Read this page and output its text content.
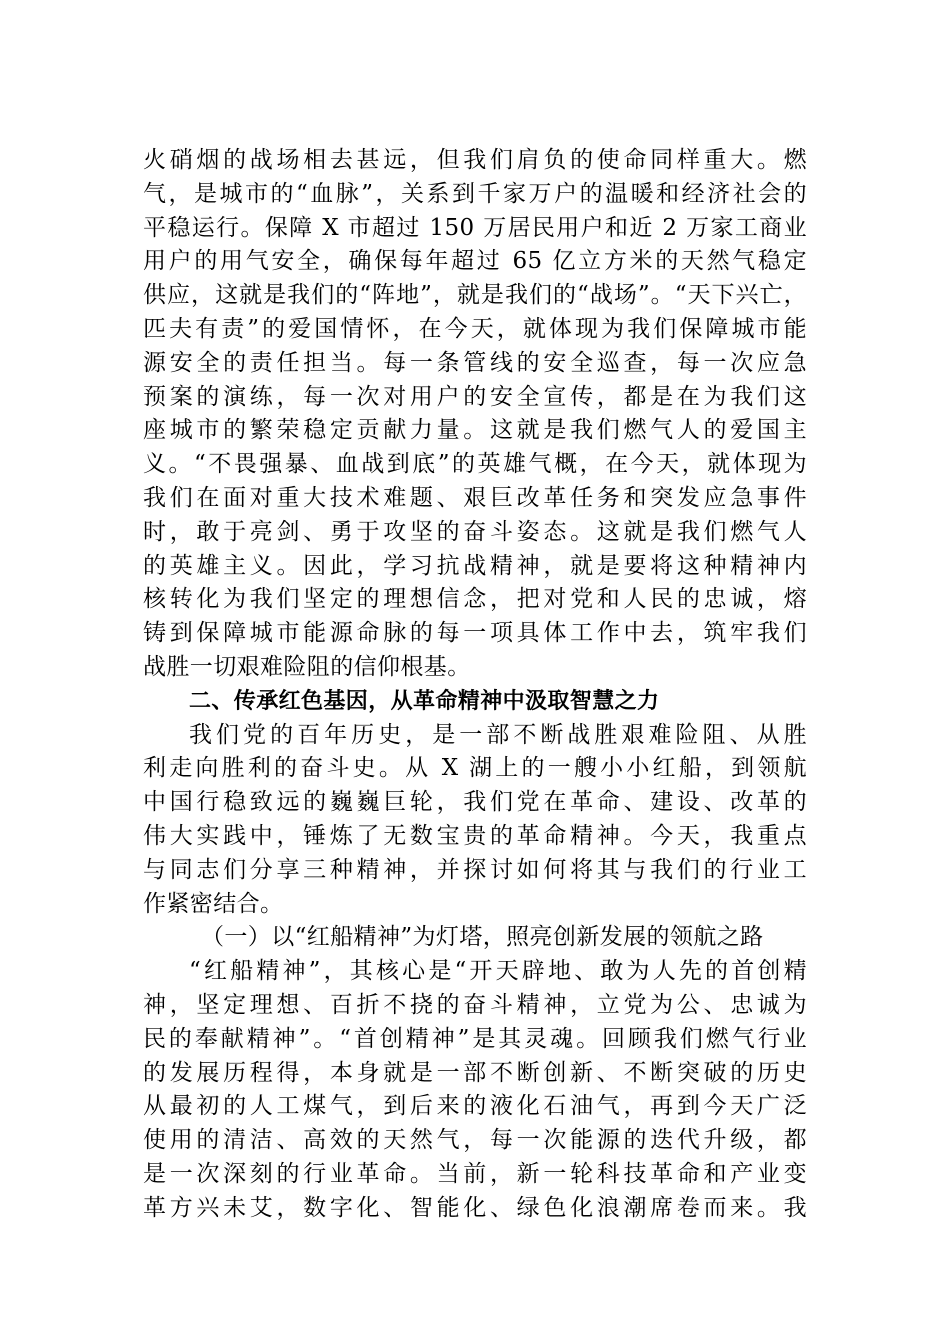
火硝烟的战场相去甚远，但我们肩负的使命同样重大。燃
气，是城市的“血脉”，关系到千家万户的温暖和经济社会的
平稳运行。保障 X 市超过 150 万居民用户和近 2 万家工商业
用户的用气安全，确保每年超过 65 亿立方米的天然气稳定
供应，这就是我们的“阵地”，就是我们的“战场”。“天下兴亡，
匹夫有责”的爱国情怀，在今天，就体现为我们保障城市能
源安全的责任担当。每一条管线的安全巡查，每一次应急
预案的演练，每一次对用户的安全宣传，都是在为我们这
座城市的繁荣稳定贡献力量。这就是我们燃气人的爱国主
义。“不畏强暴、血战到底”的英雄气概，在今天，就体现为
我们在面对重大技术难题、艰巨改革任务和突发应急事件
时，敢于亮剑、勇于攻坚的奋斗姿态。这就是我们燃气人
的英雄主义。因此，学习抗战精神，就是要将这种精神内
核转化为我们坚定的理想信念，把对党和人民的忠诚，熔
铸到保障城市能源命脉的每一项具体工作中去，筑牢我们
战胜一切艰难险阻的信仰根基。
二、传承红色基因，从革命精神中汲取智慧之力
我们党的百年历史，是一部不断战胜艰难险阻、从胜
利走向胜利的奋斗史。从 X 湖上的一艘小小红船，到领航
中国行稳致远的巍巍巨轮，我们党在革命、建设、改革的
伟大实践中，锤炼了无数宝贵的革命精神。今天，我重点
与同志们分享三种精神，并探讨如何将其与我们的行业工
作紧密结合。
（一）以“红船精神”为灯塔，照亮创新发展的领航之路
“红船精神”，其核心是“开天辟地、敢为人先的首创精
神，坚定理想、百折不挠的奋斗精神，立党为公、忠诚为
民的奉献精神”。“首创精神”是其灵魂。回顾我们燃气行业
的发展历程得，本身就是一部不断创新、不断突破的历史
从最初的人工煤气，到后来的液化石油气，再到今天广泛
使用的清洁、高效的天然气，每一次能源的迭代升级，都
是一次深刻的行业革命。当前，新一轮科技革命和产业变
革方兴未艾，数字化、智能化、绿色化浪潮席卷而来。我
